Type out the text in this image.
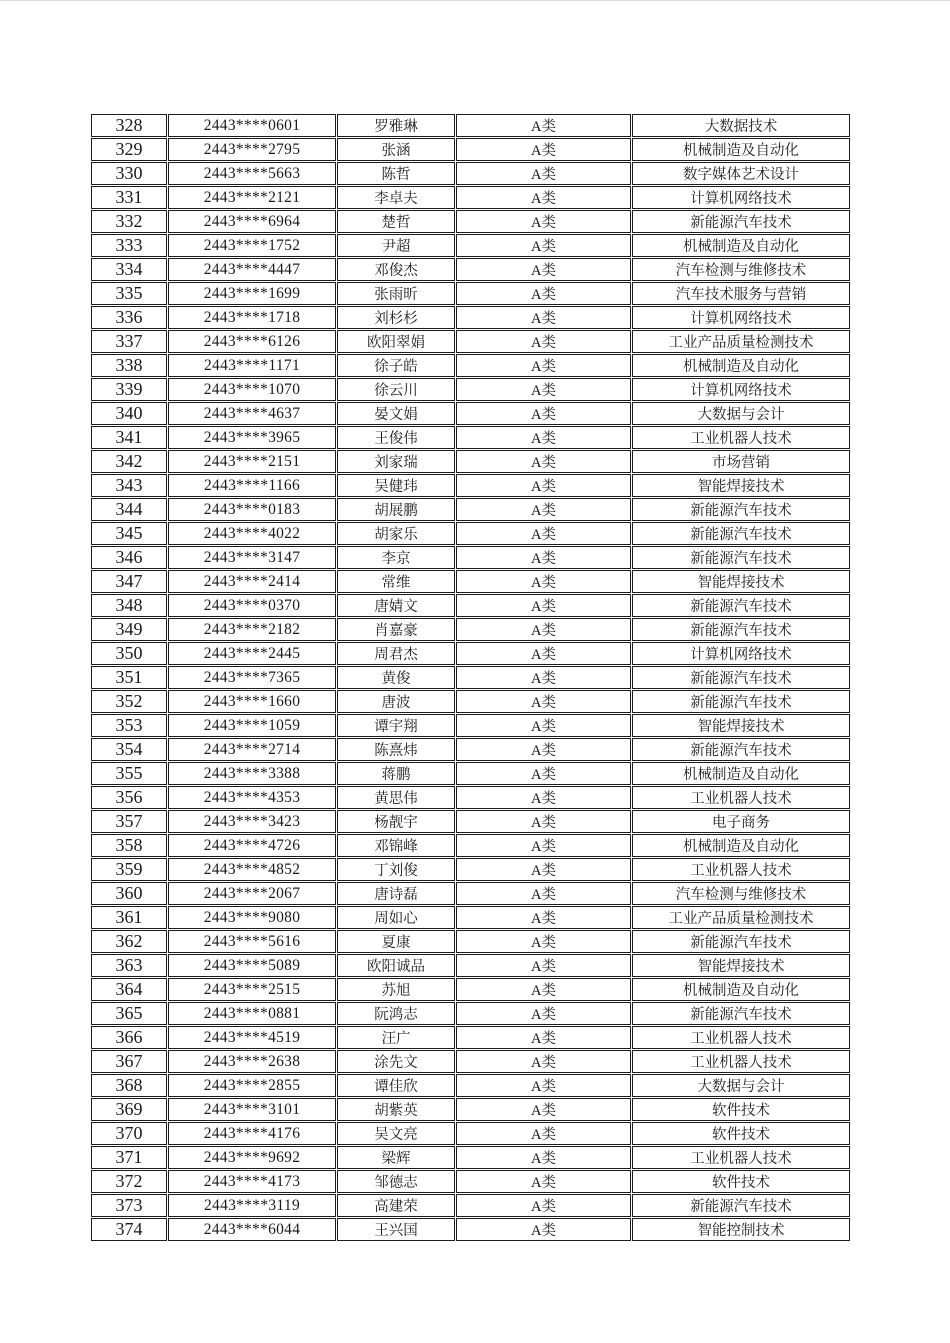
328	2443****0601	罗雅琳	A类	大数据技术
329	2443****2795	张涵	A类	机械制造及自动化
330	2443****5663	陈哲	A类	数字媒体艺术设计
331	2443****2121	李卓夫	A类	计算机网络技术
332	2443****6964	楚哲	A类	新能源汽车技术
333	2443****1752	尹超	A类	机械制造及自动化
334	2443****4447	邓俊杰	A类	汽车检测与维修技术
335	2443****1699	张雨昕	A类	汽车技术服务与营销
336	2443****1718	刘杉杉	A类	计算机网络技术
337	2443****6126	欧阳翠娟	A类	工业产品质量检测技术
338	2443****1171	徐子皓	A类	机械制造及自动化
339	2443****1070	徐云川	A类	计算机网络技术
340	2443****4637	晏文娟	A类	大数据与会计
341	2443****3965	王俊伟	A类	工业机器人技术
342	2443****2151	刘家瑞	A类	市场营销
343	2443****1166	吴健玮	A类	智能焊接技术
344	2443****0183	胡展鹏	A类	新能源汽车技术
345	2443****4022	胡家乐	A类	新能源汽车技术
346	2443****3147	李京	A类	新能源汽车技术
347	2443****2414	常维	A类	智能焊接技术
348	2443****0370	唐婧文	A类	新能源汽车技术
349	2443****2182	肖嘉豪	A类	新能源汽车技术
350	2443****2445	周君杰	A类	计算机网络技术
351	2443****7365	黄俊	A类	新能源汽车技术
352	2443****1660	唐波	A类	新能源汽车技术
353	2443****1059	谭宇翔	A类	智能焊接技术
354	2443****2714	陈熹炜	A类	新能源汽车技术
355	2443****3388	蒋鹏	A类	机械制造及自动化
356	2443****4353	黄思伟	A类	工业机器人技术
357	2443****3423	杨靓宇	A类	电子商务
358	2443****4726	邓锦峰	A类	机械制造及自动化
359	2443****4852	丁刘俊	A类	工业机器人技术
360	2443****2067	唐诗磊	A类	汽车检测与维修技术
361	2443****9080	周如心	A类	工业产品质量检测技术
362	2443****5616	夏康	A类	新能源汽车技术
363	2443****5089	欧阳诚品	A类	智能焊接技术
364	2443****2515	苏旭	A类	机械制造及自动化
365	2443****0881	阮鸿志	A类	新能源汽车技术
366	2443****4519	汪广	A类	工业机器人技术
367	2443****2638	涂先文	A类	工业机器人技术
368	2443****2855	谭佳欣	A类	大数据与会计
369	2443****3101	胡紫英	A类	软件技术
370	2443****4176	吴文亮	A类	软件技术
371	2443****9692	梁辉	A类	工业机器人技术
372	2443****4173	邹德志	A类	软件技术
373	2443****3119	高建荣	A类	新能源汽车技术
374	2443****6044	王兴国	A类	智能控制技术
